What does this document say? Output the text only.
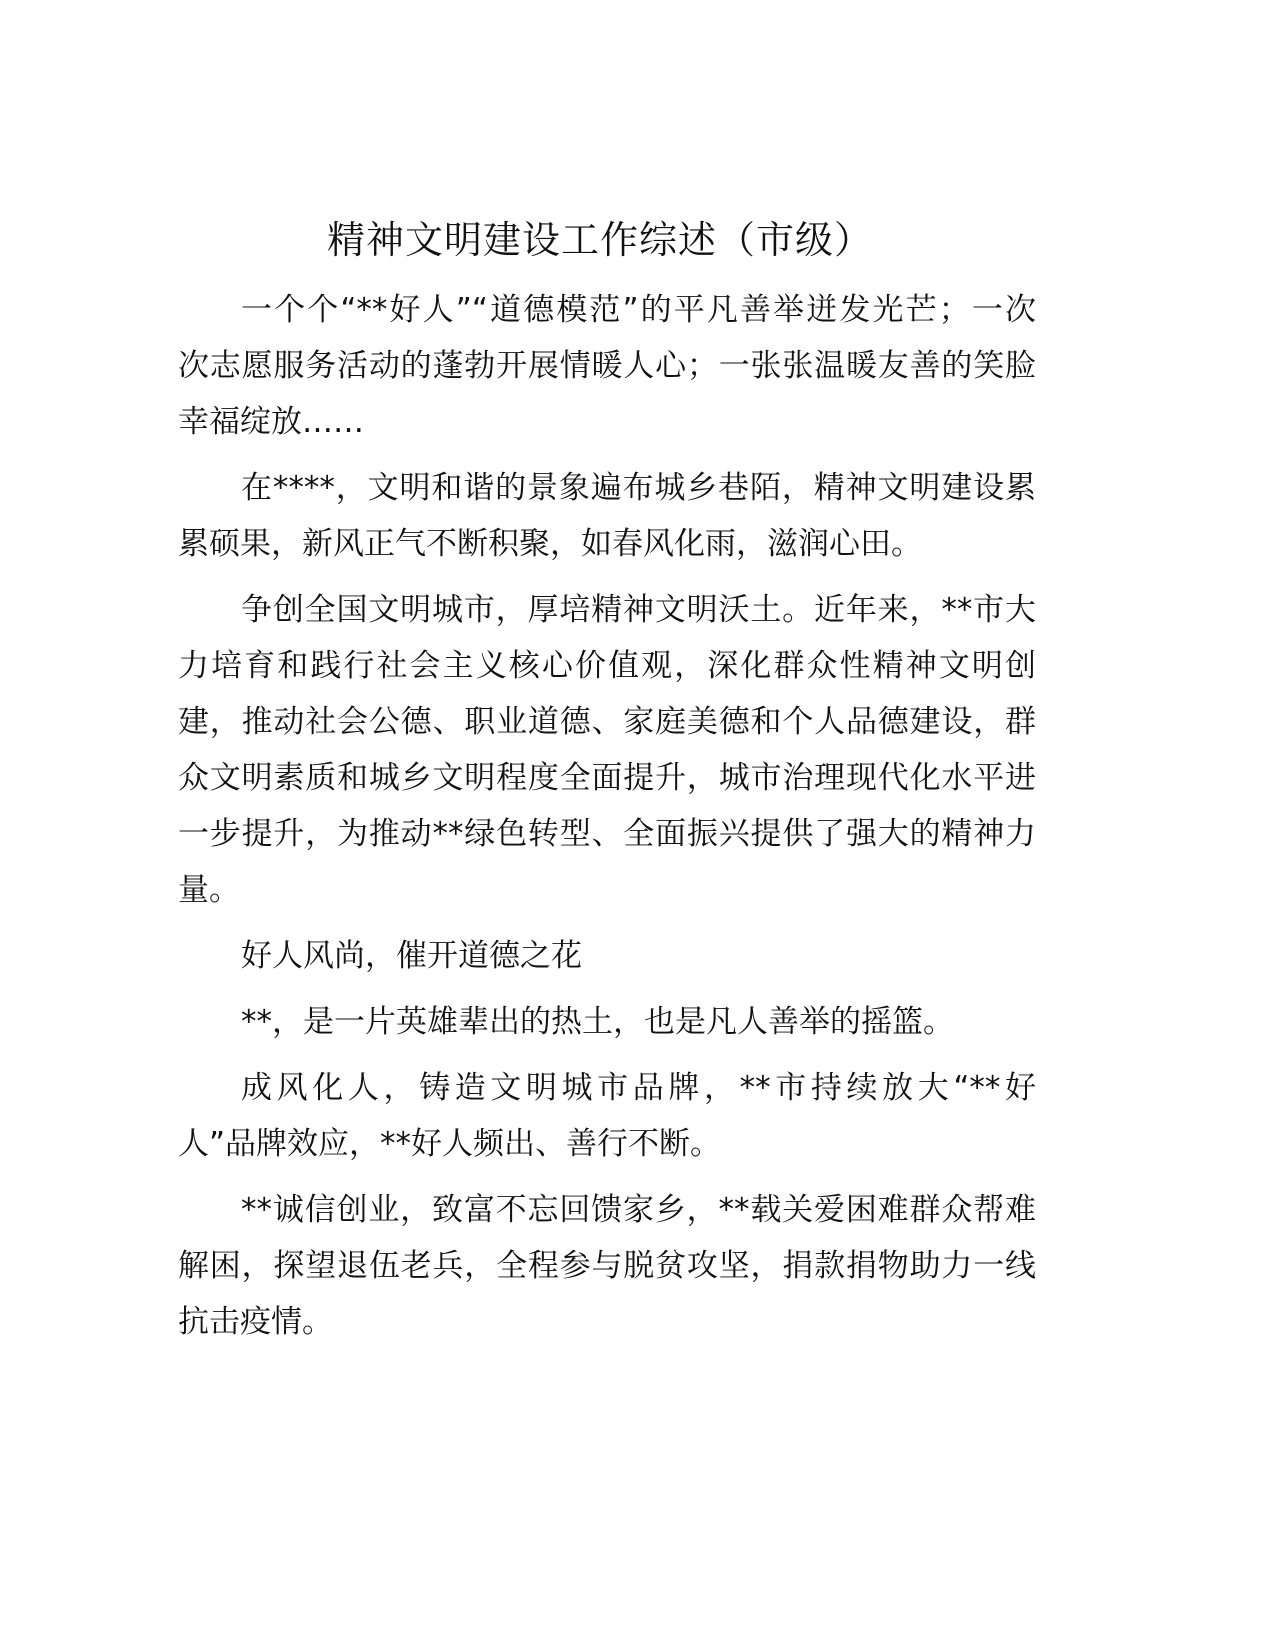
精神文明建设工作综述（市级）
一个个“**好人”“道德模范”的平凡善举迸发光芒；一次
次志愿服务活动的蓬勃开展情暖人心；一张张温暖友善的笑脸
幸福绽放……
在****，文明和谐的景象遍布城乡巷陌，精神文明建设累
累硕果，新风正气不断积聚，如春风化雨，滋润心田。
争创全国文明城市，厚培精神文明沃土。近年来，**市大
力培育和践行社会主义核心价值观，深化群众性精神文明创
建，推动社会公德、职业道德、家庭美德和个人品德建设，群
众文明素质和城乡文明程度全面提升，城市治理现代化水平进
一步提升，为推动**绿色转型、全面振兴提供了强大的精神力
量。
好人风尚，催开道德之花
**，是一片英雄辈出的热土，也是凡人善举的摇篮。
成风化人，铸造文明城市品牌，**市持续放大“**好
人”品牌效应，**好人频出、善行不断。
**诚信创业，致富不忘回馈家乡，**载关爱困难群众帮难
解困，探望退伍老兵，全程参与脱贫攻坚，捐款捐物助力一线
抗击疫情。
